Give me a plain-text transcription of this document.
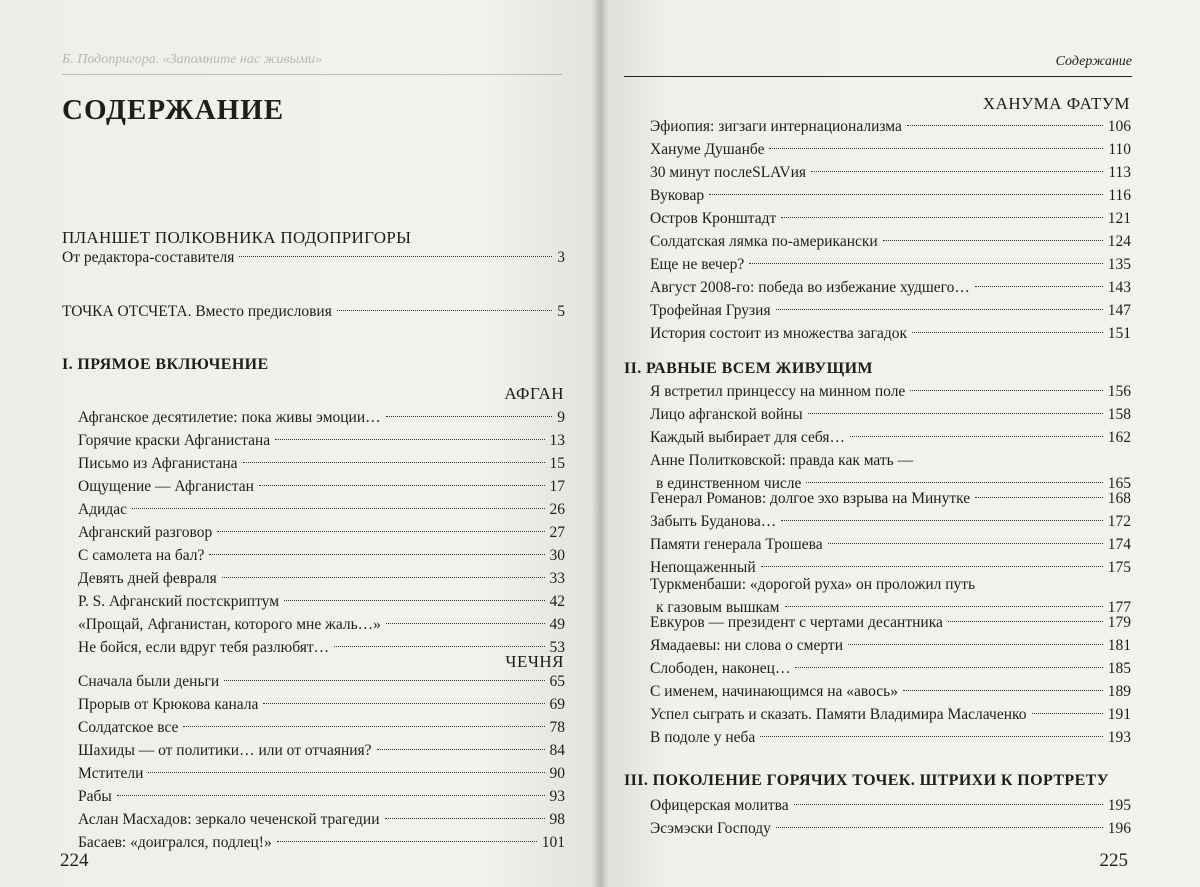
Б. Подопригора. «Запомните нас живыми»
СОДЕРЖАНИЕ
ПЛАНШЕТ ПОЛКОВНИКА ПОДОПРИГОРЫ
От редактора-составителя	3
ТОЧКА ОТСЧЕТА. Вместо предисловия	5
I. ПРЯМОЕ ВКЛЮЧЕНИЕ
АФГАН
Афганское десятилетие: пока живы эмоции…	9
Горячие краски Афганистана	13
Письмо из Афганистана	15
Ощущение — Афганистан	17
Адидас	26
Афганский разговор	27
С самолета на бал?	30
Девять дней февраля	33
P. S. Афганский постскриптум	42
«Прощай, Афганистан, которого мне жаль…»	49
Не бойся, если вдруг тебя разлюбят…	53
ЧЕЧНЯ
Сначала были деньги	65
Прорыв от Крюкова канала	69
Солдатское все	78
Шахиды — от политики… или от отчаяния?	84
Мстители	90
Рабы	93
Аслан Масхадов: зеркало чеченской трагедии	98
Басаев: «доигрался, подлец!»	101
224
Содержание
ХАНУМА ФАТУМ
Эфиопия: зигзаги интернационализма	106
Хануме Душанбе	110
30 минут послеSLAVия	113
Вуковар	116
Остров Кронштадт	121
Солдатская лямка по-американски	124
Еще не вечер?	135
Август 2008-го: победа во избежание худшего…	143
Трофейная Грузия	147
История состоит из множества загадок	151
II. РАВНЫЕ ВСЕМ ЖИВУЩИМ
Я встретил принцессу на минном поле	156
Лицо афганской войны	158
Каждый выбирает для себя…	162
Анне Политковской: правда как мать —
в единственном числе	165
Генерал Романов: долгое эхо взрыва на Минутке	168
Забыть Буданова…	172
Памяти генерала Трошева	174
Непощаженный	175
Туркменбаши: «дорогой руха» он проложил путь
к газовым вышкам	177
Евкуров — президент с чертами десантника	179
Ямадаевы: ни слова о смерти	181
Слободен, наконец…	185
С именем, начинающимся на «авось»	189
Успел сыграть и сказать. Памяти Владимира Маслаченко	191
В подоле у неба	193
III. ПОКОЛЕНИЕ ГОРЯЧИХ ТОЧЕК. ШТРИХИ К ПОРТРЕТУ
Офицерская молитва	195
Эсэмэски Господу	196
225
